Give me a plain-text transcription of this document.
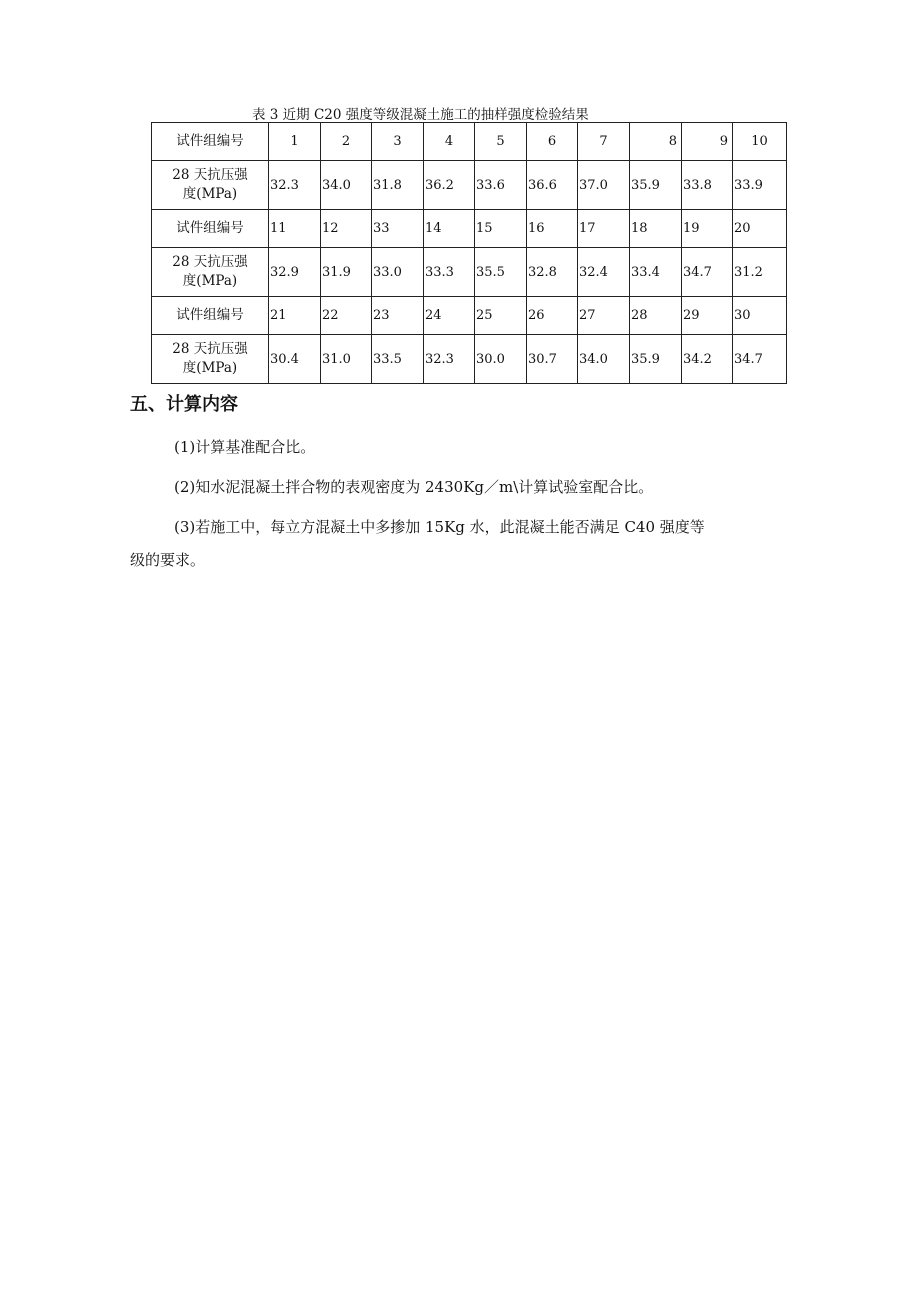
表 3 近期 C20 强度等级混凝土施工的抽样强度检验结果
试件组编号	1	2	3	4	5	6	7	8	9	10
28 天抗压强
度(MPa)	32.3	34.0	31.8	36.2	33.6	36.6	37.0	35.9	33.8	33.9
试件组编号	11	12	33	14	15	16	17	18	19	20
28 天抗压强
度(MPa)	32.9	31.9	33.0	33.3	35.5	32.8	32.4	33.4	34.7	31.2
试件组编号	21	22	23	24	25	26	27	28	29	30
28 天抗压强
度(MPa)	30.4	31.0	33.5	32.3	30.0	30.7	34.0	35.9	34.2	34.7
五、计算内容
(1)计算基准配合比。
(2)知水泥混凝土拌合物的表观密度为 2430Kg／m\计算试验室配合比。
(3)若施工中，每立方混凝土中多掺加 15Kg 水，此混凝土能否满足 C40 强度等
级的要求。
